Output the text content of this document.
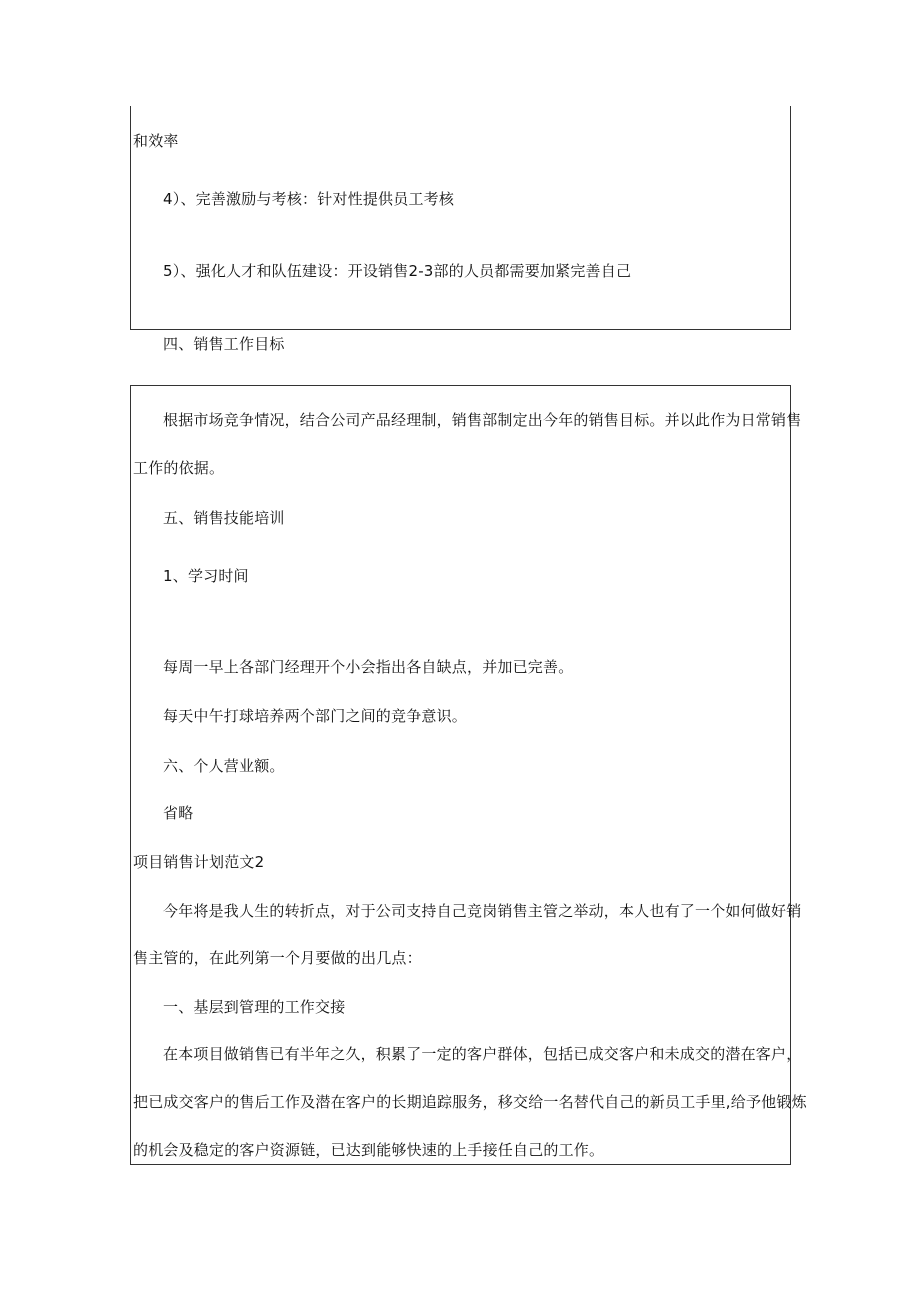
和效率
4）、完善激励与考核：针对性提供员工考核
5）、强化人才和队伍建设：开设销售2-3部的人员都需要加紧完善自己
四、销售工作目标
根据市场竞争情况，结合公司产品经理制，销售部制定出今年的销售目标。并以此作为日常销售
工作的依据。
五、销售技能培训
1、学习时间
每周一早上各部门经理开个小会指出各自缺点，并加已完善。
每天中午打球培养两个部门之间的竞争意识。
六、个人营业额。
省略
项目销售计划范文2
今年将是我人生的转折点，对于公司支持自己竞岗销售主管之举动，本人也有了一个如何做好销
售主管的，在此列第一个月要做的出几点：
一、基层到管理的工作交接
在本项目做销售已有半年之久，积累了一定的客户群体，包括已成交客户和未成交的潜在客户，
把已成交客户的售后工作及潜在客户的长期追踪服务，移交给一名替代自己的新员工手里,给予他锻炼
的机会及稳定的客户资源链，已达到能够快速的上手接任自己的工作。
